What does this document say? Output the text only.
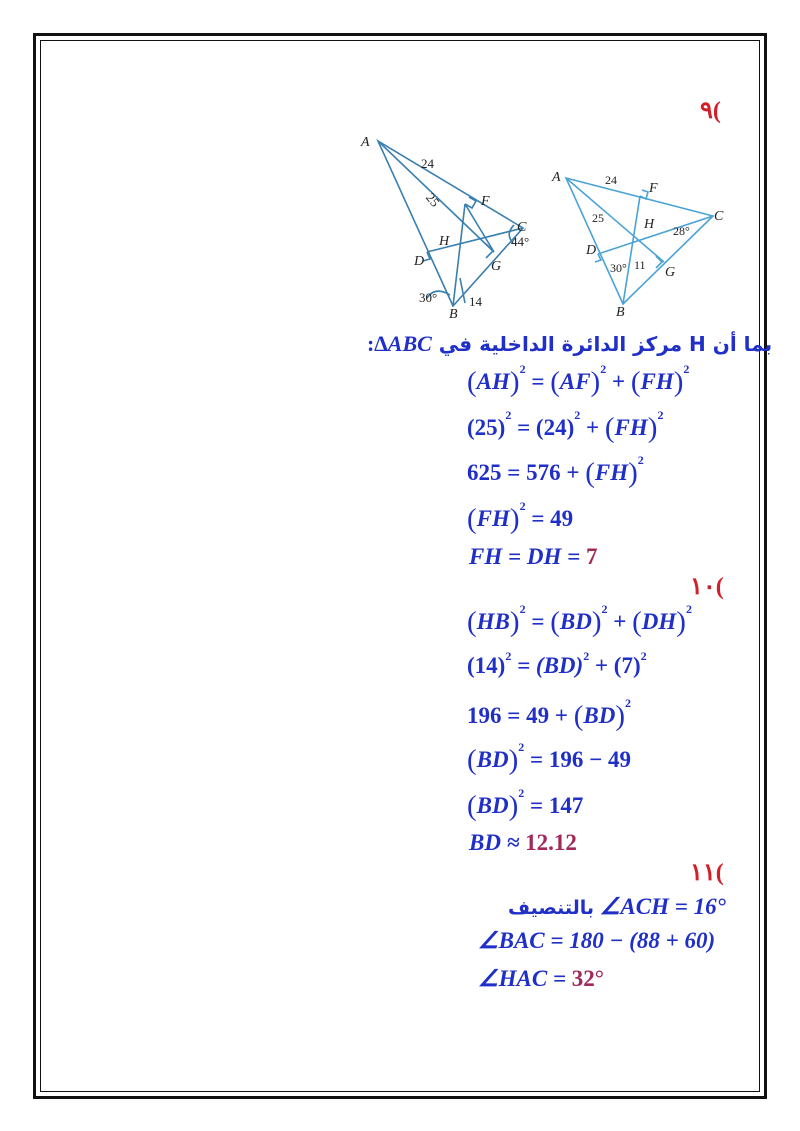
٩(
A
B
C
D
F
G
H
24
25
44°
30° 14
A
B
C
D
F
G
H
24
25
28°
30° 11
:∆ABC بما أن H مركز الدائرة الداخلية في
(AH)$^2$ = (AF)$^2$ + (FH)$^2$
$(25)^2 = (24)^2 + (FH)^2$
625 = 576 + (FH)$^2$
(FH)$^2$ = 49
FH = DH = 7
١٠(
(HB)$^2$ = (BD)$^2$ + (DH)$^2$
$(14)^2 = (BD)^2 + (7)^2$
196 = 49 + (BD)$^2$
(BD)$^2$ = 196 − 49
(BD)$^2$ = 147
BD ≈ 12.12
١١(
بالتنصيف ∠ACH = 16°
∠BAC = 180 − (88 + 60)
∠HAC = 32°
